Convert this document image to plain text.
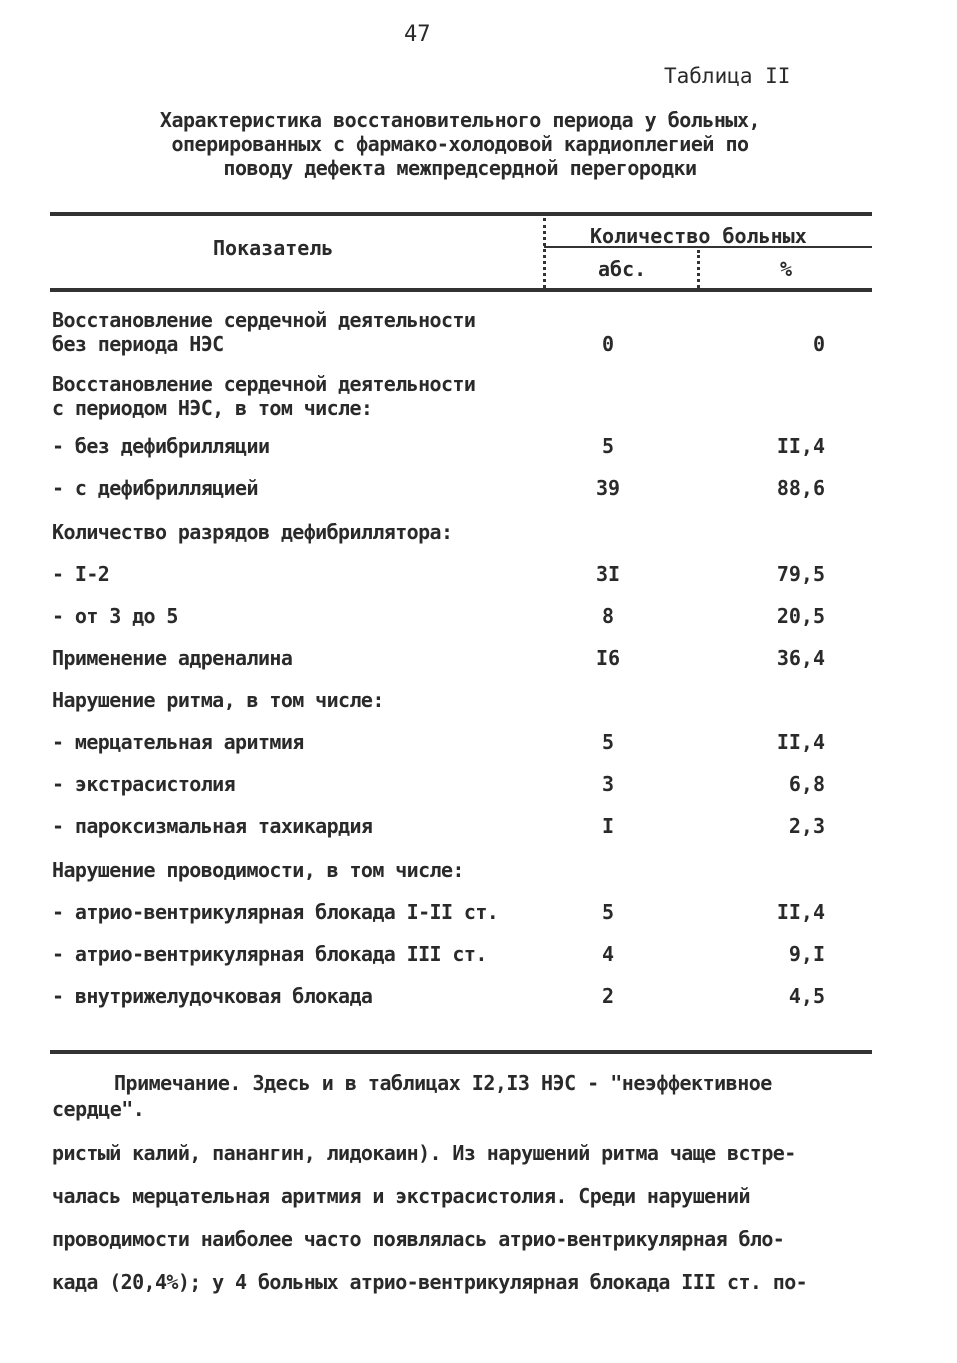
47
Таблица II
Характеристика восстановительного периода у больных,
оперированных с фармако-холодовой кардиоплегией по
поводу дефекта межпредсердной перегородки
Показатель	Количество больных
абс.	%
Восстановление сердечной деятельности
без периода НЭС	0	0
Восстановление сердечной деятельности
с периодом НЭС, в том числе:
- без дефибрилляции	5	II,4
- с дефибрилляцией	39	88,6
Количество разрядов дефибриллятора:
- I-2	3I	79,5
- от 3 до 5	8	20,5
Применение адреналина	I6	36,4
Нарушение ритма, в том числе:
- мерцательная аритмия	5	II,4
- экстрасистолия	3	6,8
- пароксизмальная тахикардия	I	2,3
Нарушение проводимости, в том числе:
- атрио-вентрикулярная блокада I-II ст.	5	II,4
- атрио-вентрикулярная блокада III ст.	4	9,I
- внутрижелудочковая блокада	2	4,5
Примечание. Здесь и в таблицах I2,I3 НЭС - "неэффективное сердце".
ристый калий, панангин, лидокаин). Из нарушений ритма чаще встре-
чалась мерцательная аритмия и экстрасистолия. Среди нарушений
проводимости наиболее часто появлялась атрио-вентрикулярная бло-
када (20,4%); у 4 больных атрио-вентрикулярная блокада III ст. по-
